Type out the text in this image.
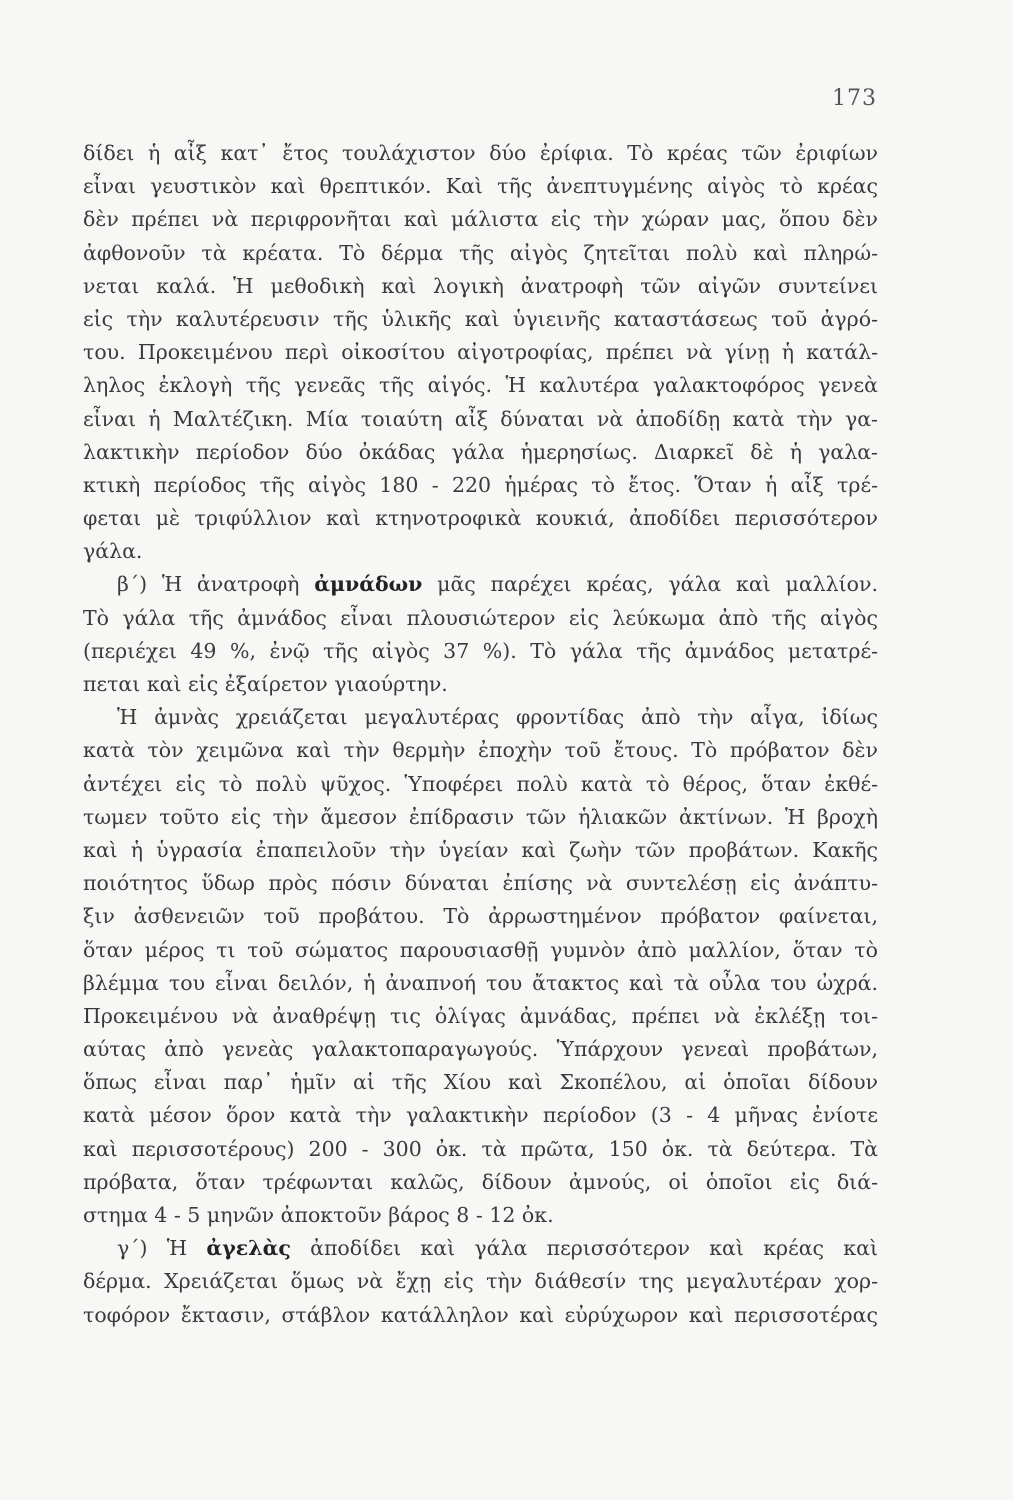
173
δίδει ἡ αἶξ κατ᾽ ἔτος τουλάχιστον δύο ἐρίφια. Τὸ κρέας τῶν ἐριφίων
εἶναι γευστικὸν καὶ θρεπτικόν. Καὶ τῆς ἀνεπτυγμένης αἰγὸς τὸ κρέας
δὲν πρέπει νὰ περιφρονῆται καὶ μάλιστα εἰς τὴν χώραν μας, ὅπου δὲν
ἀφθονοῦν τὰ κρέατα. Τὸ δέρμα τῆς αἰγὸς ζητεῖται πολὺ καὶ πληρώ-
νεται καλά. Ἡ μεθοδικὴ καὶ λογικὴ ἀνατροφὴ τῶν αἰγῶν συντείνει
εἰς τὴν καλυτέρευσιν τῆς ὑλικῆς καὶ ὑγιεινῆς καταστάσεως τοῦ ἀγρό-
του. Προκειμένου περὶ οἰκοσίτου αἰγοτροφίας, πρέπει νὰ γίνῃ ἡ κατάλ-
ληλος ἐκλογὴ τῆς γενεᾶς τῆς αἰγός. Ἡ καλυτέρα γαλακτοφόρος γενεὰ
εἶναι ἡ Μαλτέζικη. Μία τοιαύτη αἶξ δύναται νὰ ἀποδίδῃ κατὰ τὴν γα-
λακτικὴν περίοδον δύο ὀκάδας γάλα ἡμερησίως. Διαρκεῖ δὲ ἡ γαλα-
κτικὴ περίοδος τῆς αἰγὸς 180 - 220 ἡμέρας τὸ ἔτος. Ὅταν ἡ αἶξ τρέ-
φεται μὲ τριφύλλιον καὶ κτηνοτροφικὰ κουκιά, ἀποδίδει περισσότερον
γάλα.
β΄) Ἡ ἀνατροφὴ ἀμνάδων μᾶς παρέχει κρέας, γάλα καὶ μαλλίον.
Τὸ γάλα τῆς ἀμνάδος εἶναι πλουσιώτερον εἰς λεύκωμα ἀπὸ τῆς αἰγὸς
(περιέχει 49 %, ἐνῷ τῆς αἰγὸς 37 %). Τὸ γάλα τῆς ἀμνάδος μετατρέ-
πεται καὶ εἰς ἐξαίρετον γιαούρτην.
Ἡ ἀμνὰς χρειάζεται μεγαλυτέρας φροντίδας ἀπὸ τὴν αἶγα, ἰδίως
κατὰ τὸν χειμῶνα καὶ τὴν θερμὴν ἐποχὴν τοῦ ἔτους. Τὸ πρόβατον δὲν
ἀντέχει εἰς τὸ πολὺ ψῦχος. Ὑποφέρει πολὺ κατὰ τὸ θέρος, ὅταν ἐκθέ-
τωμεν τοῦτο εἰς τὴν ἄμεσον ἐπίδρασιν τῶν ἡλιακῶν ἀκτίνων. Ἡ βροχὴ
καὶ ἡ ὑγρασία ἐπαπειλοῦν τὴν ὑγείαν καὶ ζωὴν τῶν προβάτων. Κακῆς
ποιότητος ὕδωρ πρὸς πόσιν δύναται ἐπίσης νὰ συντελέσῃ εἰς ἀνάπτυ-
ξιν ἀσθενειῶν τοῦ προβάτου. Τὸ ἀρρωστημένον πρόβατον φαίνεται,
ὅταν μέρος τι τοῦ σώματος παρουσιασθῇ γυμνὸν ἀπὸ μαλλίον, ὅταν τὸ
βλέμμα του εἶναι δειλόν, ἡ ἀναπνοή του ἄτακτος καὶ τὰ οὖλα του ὠχρά.
Προκειμένου νὰ ἀναθρέψῃ τις ὀλίγας ἀμνάδας, πρέπει νὰ ἐκλέξῃ τοι-
αύτας ἀπὸ γενεὰς γαλακτοπαραγωγούς. Ὑπάρχουν γενεαὶ προβάτων,
ὅπως εἶναι παρ᾽ ἡμῖν αἱ τῆς Χίου καὶ Σκοπέλου, αἱ ὁποῖαι δίδουν
κατὰ μέσον ὅρον κατὰ τὴν γαλακτικὴν περίοδον (3 - 4 μῆνας ἐνίοτε
καὶ περισσοτέρους) 200 - 300 ὀκ. τὰ πρῶτα, 150 ὀκ. τὰ δεύτερα. Τὰ
πρόβατα, ὅταν τρέφωνται καλῶς, δίδουν ἀμνούς, οἱ ὁποῖοι εἰς διά-
στημα 4 - 5 μηνῶν ἀποκτοῦν βάρος 8 - 12 ὀκ.
γ΄) Ἡ ἀγελὰς ἀποδίδει καὶ γάλα περισσότερον καὶ κρέας καὶ
δέρμα. Χρειάζεται ὅμως νὰ ἔχῃ εἰς τὴν διάθεσίν της μεγαλυτέραν χορ-
τοφόρον ἔκτασιν, στάβλον κατάλληλον καὶ εὐρύχωρον καὶ περισσοτέρας
